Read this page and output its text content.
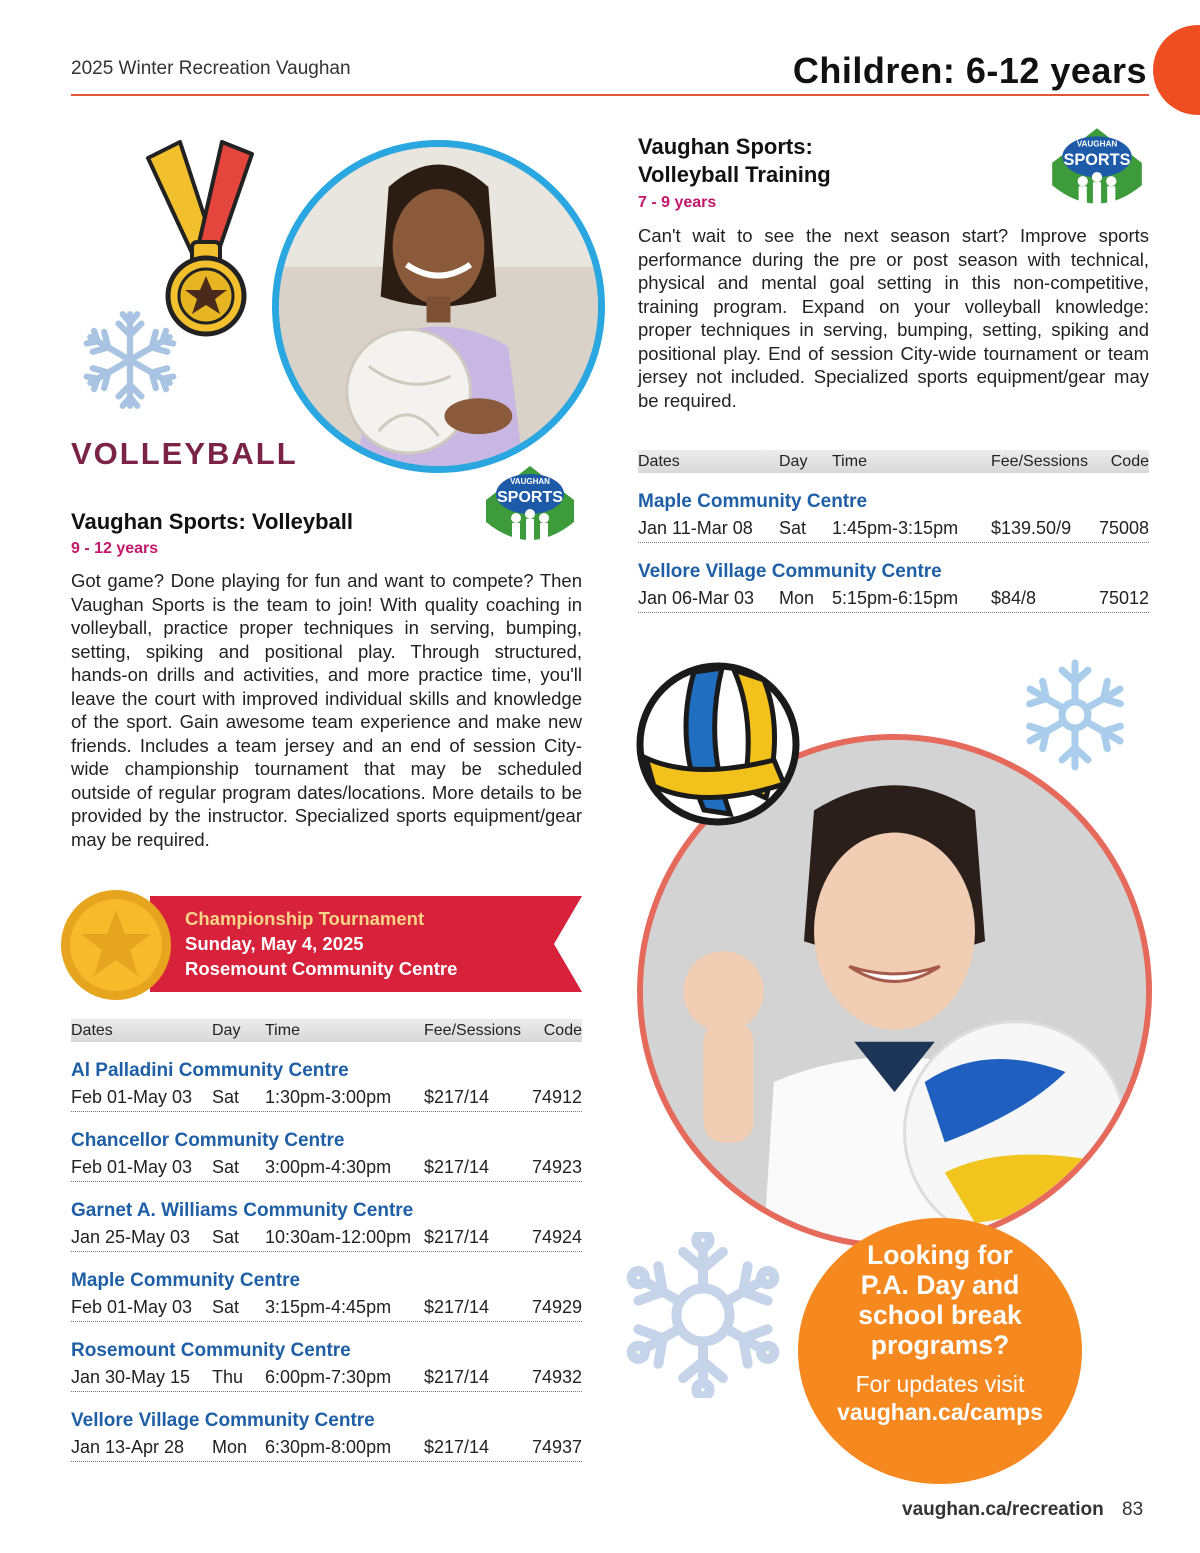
2025 Winter Recreation Vaughan	Children: 6-12 years
VOLLEYBALL
VAUGHAN
SPORTS
Vaughan Sports: Volleyball
9 - 12 years
Got game? Done playing for fun and want to compete? Then Vaughan Sports is the team to join! With quality coaching in volleyball, practice proper techniques in serving, bumping, setting, spiking and positional play. Through structured, hands-on drills and activities, and more practice time, you'll leave the court with improved individual skills and knowledge of the sport. Gain awesome team experience and make new friends. Includes a team jersey and an end of session City-wide championship tournament that may be scheduled outside of regular program dates/locations. More details to be provided by the instructor. Specialized sports equipment/gear may be required.
Championship Tournament
Sunday, May 4, 2025
Rosemount Community Centre
Dates	Day Time	Fee/Sessions Code
Al Palladini Community Centre
Feb 01-May 03 Sat 1:30pm-3:00pm $217/14 74912
Chancellor Community Centre
Feb 01-May 03 Sat 3:00pm-4:30pm $217/14 74923
Garnet A. Williams Community Centre
Jan 25-May 03 Sat 10:30am-12:00pm $217/14 74924
Maple Community Centre
Feb 01-May 03 Sat 3:15pm-4:45pm $217/14 74929
Rosemount Community Centre
Jan 30-May 15 Thu 6:00pm-7:30pm $217/14 74932
Vellore Village Community Centre
Jan 13-Apr 28 Mon 6:30pm-8:00pm $217/14 74937
Vaughan Sports:
Volleyball Training
VAUGHAN
SPORTS
7 - 9 years
Can't wait to see the next season start? Improve sports performance during the pre or post season with technical, physical and mental goal setting in this non-competitive, training program. Expand on your volleyball knowledge: proper techniques in serving, bumping, setting, spiking and positional play. End of session City-wide tournament or team jersey not included. Specialized sports equipment/gear may be required.
Dates	Day Time	Fee/Sessions Code
Maple Community Centre
Jan 11-Mar 08 Sat 1:45pm-3:15pm $139.50/9 75008
Vellore Village Community Centre
Jan 06-Mar 03 Mon 5:15pm-6:15pm $84/8	75012
Looking for
P.A. Day and
school break
programs?
For updates visit
vaughan.ca/camps
vaughan.ca/recreation 83
